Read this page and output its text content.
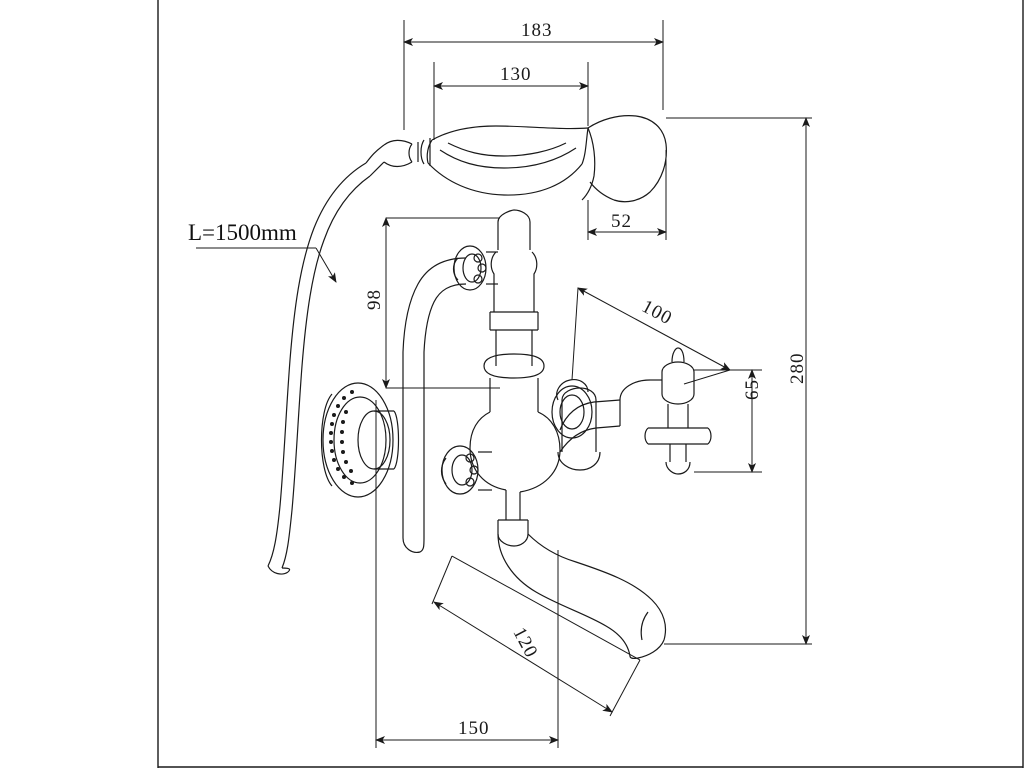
L=1500mm
183
130
52
98	100
280
65
120
150
